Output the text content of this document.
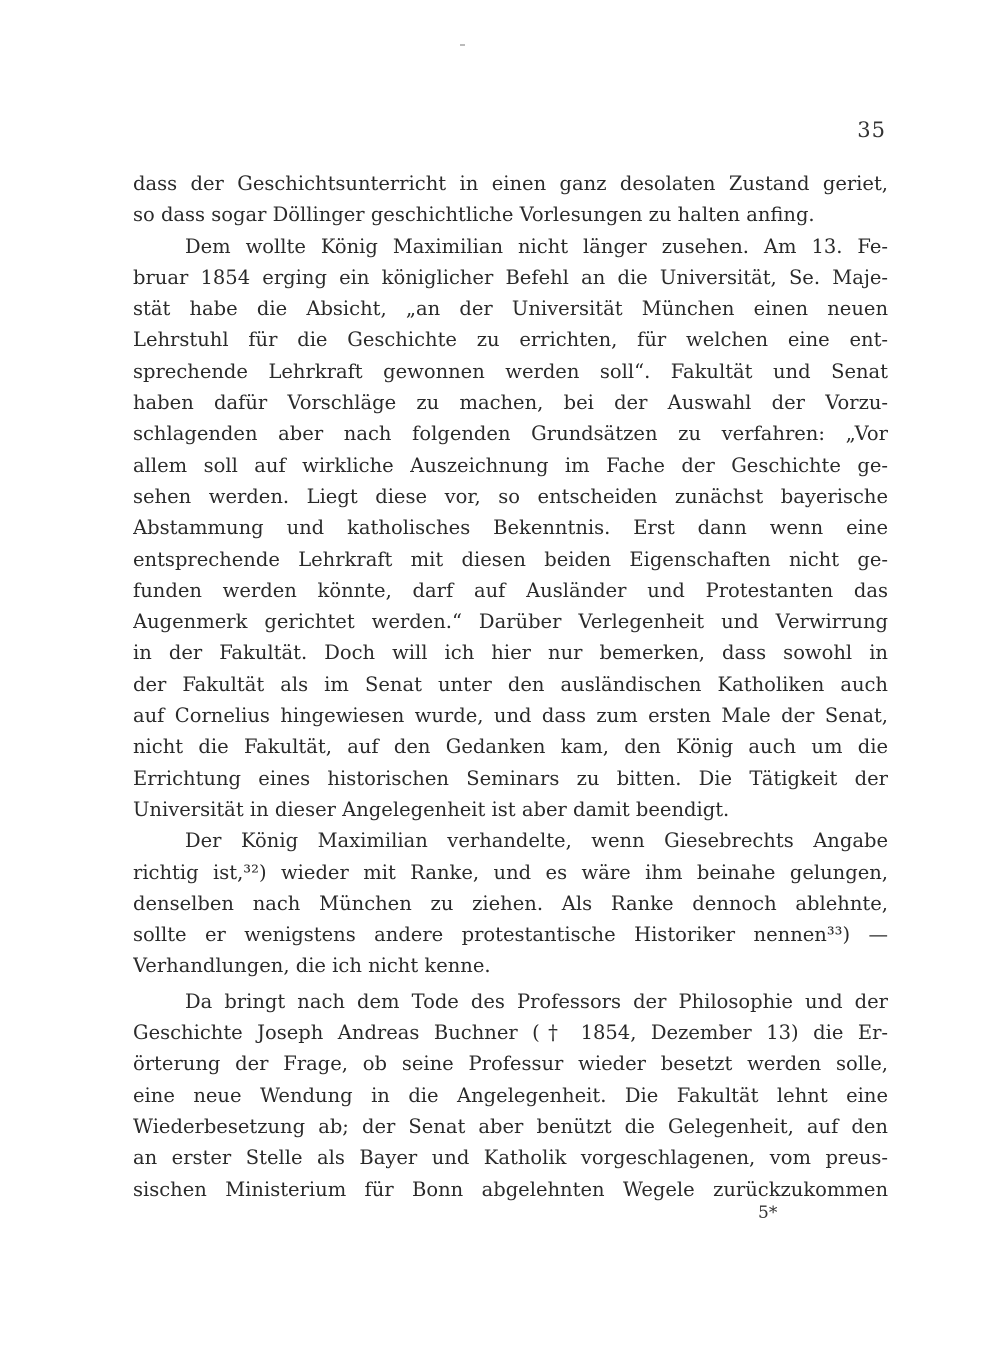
35
dass der Geschichtsunterricht in einen ganz desolaten Zustand geriet,
so dass sogar Döllinger geschichtliche Vorlesungen zu halten anfing.
Dem wollte König Maximilian nicht länger zusehen. Am 13. Fe-
bruar 1854 erging ein königlicher Befehl an die Universität, Se. Maje-
stät habe die Absicht, „an der Universität München einen neuen
Lehrstuhl für die Geschichte zu errichten, für welchen eine ent-
sprechende Lehrkraft gewonnen werden soll“. Fakultät und Senat
haben dafür Vorschläge zu machen, bei der Auswahl der Vorzu-
schlagenden aber nach folgenden Grundsätzen zu verfahren: „Vor
allem soll auf wirkliche Auszeichnung im Fache der Geschichte ge-
sehen werden. Liegt diese vor, so entscheiden zunächst bayerische
Abstammung und katholisches Bekenntnis. Erst dann wenn eine
entsprechende Lehrkraft mit diesen beiden Eigenschaften nicht ge-
funden werden könnte, darf auf Ausländer und Protestanten das
Augenmerk gerichtet werden.“ Darüber Verlegenheit und Verwirrung
in der Fakultät. Doch will ich hier nur bemerken, dass sowohl in
der Fakultät als im Senat unter den ausländischen Katholiken auch
auf Cornelius hingewiesen wurde, und dass zum ersten Male der Senat,
nicht die Fakultät, auf den Gedanken kam, den König auch um die
Errichtung eines historischen Seminars zu bitten. Die Tätigkeit der
Universität in dieser Angelegenheit ist aber damit beendigt.
Der König Maximilian verhandelte, wenn Giesebrechts Angabe
richtig ist,³²) wieder mit Ranke, und es wäre ihm beinahe gelungen,
denselben nach München zu ziehen. Als Ranke dennoch ablehnte,
sollte er wenigstens andere protestantische Historiker nennen³³) —
Verhandlungen, die ich nicht kenne.
Da bringt nach dem Tode des Professors der Philosophie und der
Geschichte Joseph Andreas Buchner († 1854, Dezember 13) die Er-
örterung der Frage, ob seine Professur wieder besetzt werden solle,
eine neue Wendung in die Angelegenheit. Die Fakultät lehnt eine
Wiederbesetzung ab; der Senat aber benützt die Gelegenheit, auf den
an erster Stelle als Bayer und Katholik vorgeschlagenen, vom preus-
sischen Ministerium für Bonn abgelehnten Wegele zurückzukommen
5*
